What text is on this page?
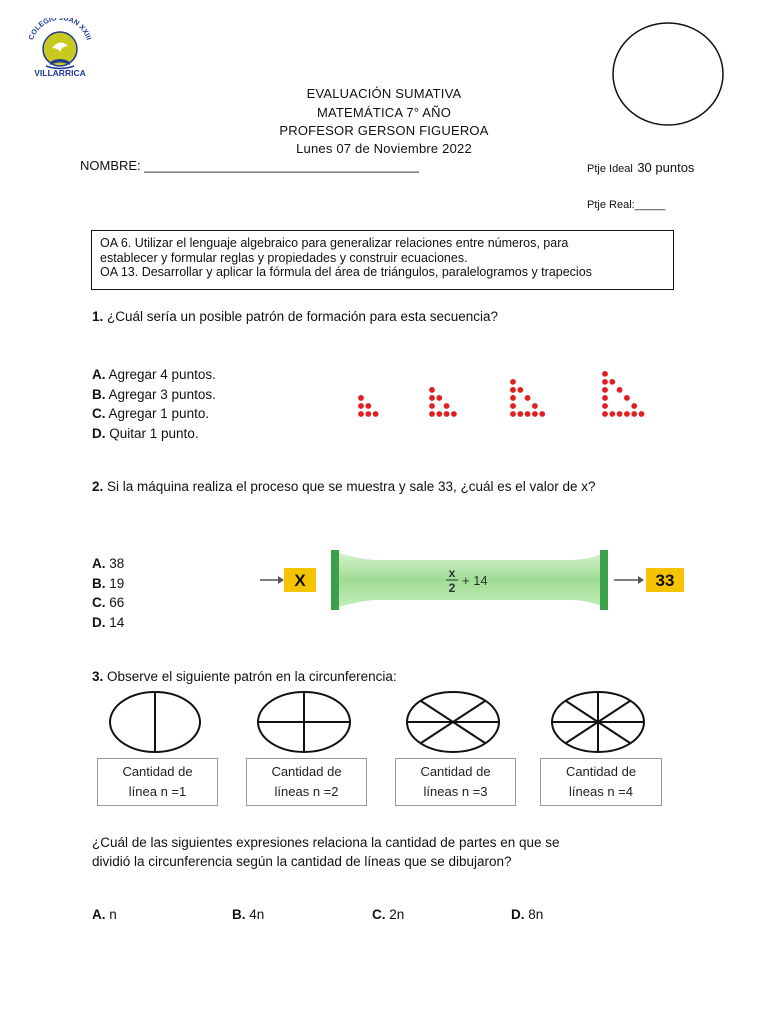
COLEGIO UAN XXIII
VILLARRICA
EVALUACIÓN SUMATIVA
MATEMÁTICA 7° AÑO
PROFESOR GERSON FIGUEROA
Lunes 07 de Noviembre 2022
NOMBRE: ______________________________________	Ptje Ideal 30 puntos
Ptje Real:_____
OA 6. Utilizar el lenguaje algebraico para generalizar relaciones entre números, para
establecer y formular reglas y propiedades y construir ecuaciones.
OA 13. Desarrollar y aplicar la fórmula del área de triángulos, paralelogramos y trapecios
1. ¿Cuál sería un posible patrón de formación para esta secuencia?
A. Agregar 4 puntos.
B. Agregar 3 puntos.
C. Agregar 1 punto.
D. Quitar 1 punto.
2. Si la máquina realiza el proceso que se muestra y sale 33, ¿cuál es el valor de x?
A. 38
B. 19
C. 66
D. 14
X	x
2 + 14	33
3. Observe el siguiente patrón en la circunferencia:
Cantidad de
línea n =1
Cantidad de
líneas n =2
Cantidad de
líneas n =3
Cantidad de
líneas n =4
¿Cuál de las siguientes expresiones relaciona la cantidad de partes en que se
dividió la circunferencia según la cantidad de líneas que se dibujaron?
A. n	B. 4n	C. 2n	D. 8n
